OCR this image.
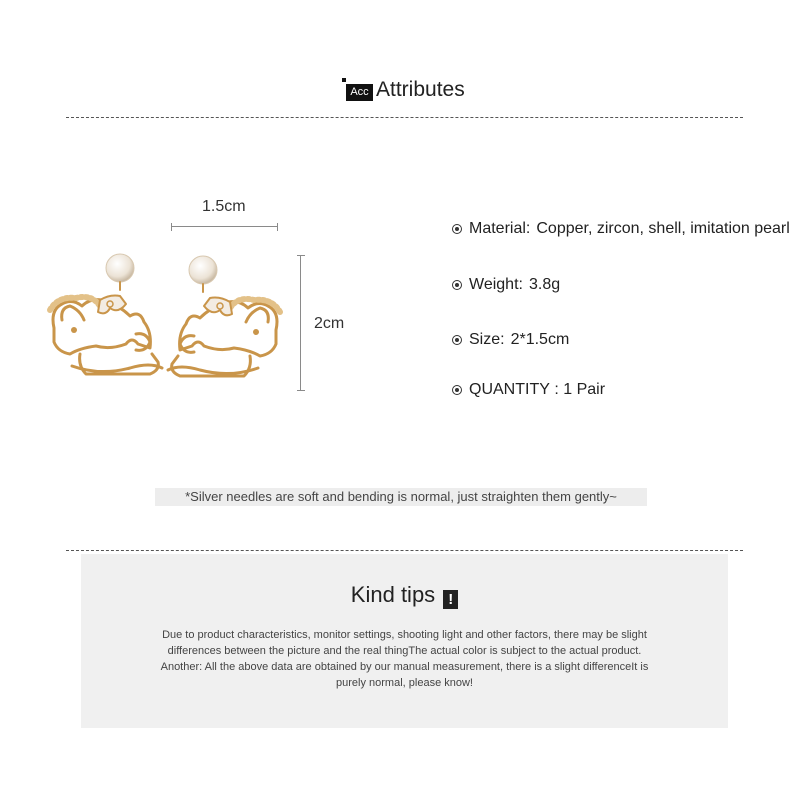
Acc Attributes
1.5cm
2cm
Material : Copper, zircon, shell, imitation pearl
Weight : 3.8g
Size : 2*1.5cm
QUANTITY : 1 Pair
*Silver needles are soft and bending is normal, just straighten them gently~
Kind tips !
Due to product characteristics, monitor settings, shooting light and other factors, there may be slight
differences between the picture and the real thingThe actual color is subject to the actual product.
Another: All the above data are obtained by our manual measurement, there is a slight differenceIt is
purely normal, please know!
